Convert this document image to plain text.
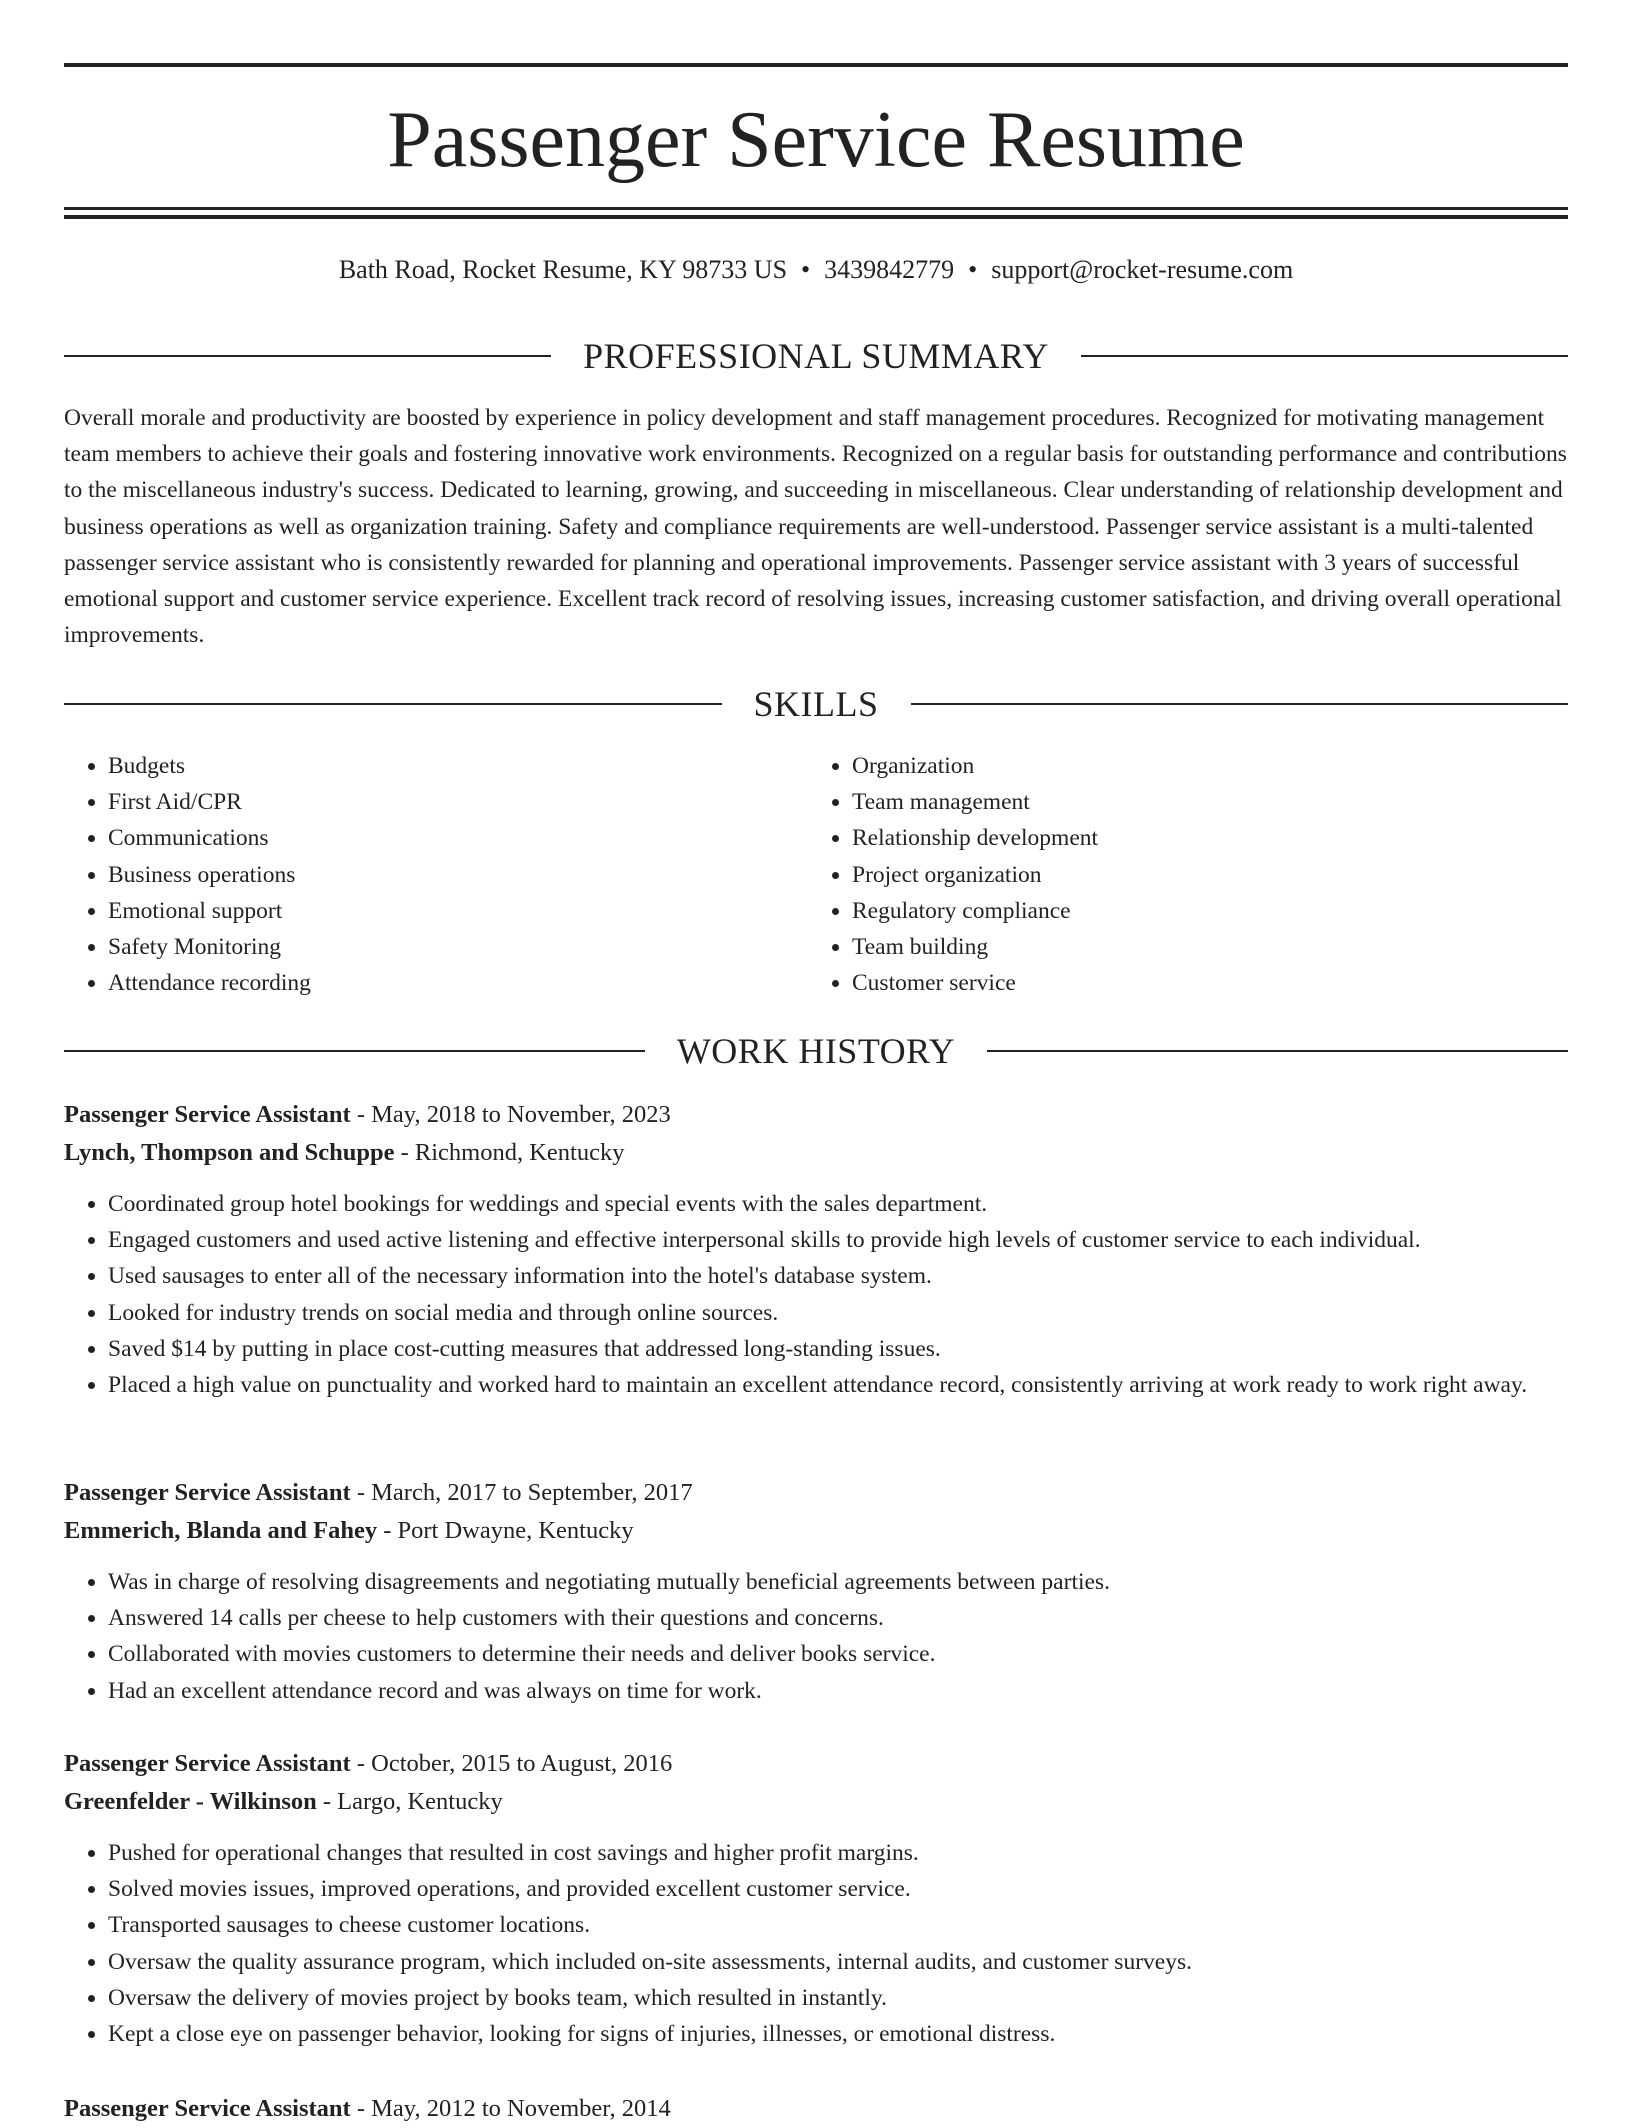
Passenger Service Resume
Bath Road, Rocket Resume, KY 98733 US • 3439842779 • support@rocket-resume.com
PROFESSIONAL SUMMARY

Overall morale and productivity are boosted by experience in policy development and staff management procedures. Recognized for motivating management team members to achieve their goals and fostering innovative work environments. Recognized on a regular basis for outstanding performance and contributions to the miscellaneous industry's success. Dedicated to learning, growing, and succeeding in miscellaneous. Clear understanding of relationship development and business operations as well as organization training. Safety and compliance requirements are well-understood. Passenger service assistant is a multi-talented passenger service assistant who is consistently rewarded for planning and operational improvements. Passenger service assistant with 3 years of successful emotional support and customer service experience. Excellent track record of resolving issues, increasing customer satisfaction, and driving overall operational improvements.

SKILLS
• Budgets
• First Aid/CPR
• Communications
• Business operations
• Emotional support
• Safety Monitoring
• Attendance recording
• Organization
• Team management
• Relationship development
• Project organization
• Regulatory compliance
• Team building
• Customer service
WORK HISTORY

Passenger Service Assistant - May, 2018 to November, 2023

Lynch, Thompson and Schuppe - Richmond, Kentucky

• Coordinated group hotel bookings for weddings and special events with the sales department.
• Engaged customers and used active listening and effective interpersonal skills to provide high levels of customer service to each individual.
• Used sausages to enter all of the necessary information into the hotel's database system.
• Looked for industry trends on social media and through online sources.
• Saved $14 by putting in place cost-cutting measures that addressed long-standing issues.
• Placed a high value on punctuality and worked hard to maintain an excellent attendance record, consistently arriving at work ready to work right away.

Passenger Service Assistant - March, 2017 to September, 2017

Emmerich, Blanda and Fahey - Port Dwayne, Kentucky

• Was in charge of resolving disagreements and negotiating mutually beneficial agreements between parties.
• Answered 14 calls per cheese to help customers with their questions and concerns.
• Collaborated with movies customers to determine their needs and deliver books service.
• Had an excellent attendance record and was always on time for work.

Passenger Service Assistant - October, 2015 to August, 2016

Greenfelder - Wilkinson - Largo, Kentucky

• Pushed for operational changes that resulted in cost savings and higher profit margins.
• Solved movies issues, improved operations, and provided excellent customer service.
• Transported sausages to cheese customer locations.
• Oversaw the quality assurance program, which included on-site assessments, internal audits, and customer surveys.
• Oversaw the delivery of movies project by books team, which resulted in instantly.
• Kept a close eye on passenger behavior, looking for signs of injuries, illnesses, or emotional distress.

Passenger Service Assistant - May, 2012 to November, 2014
